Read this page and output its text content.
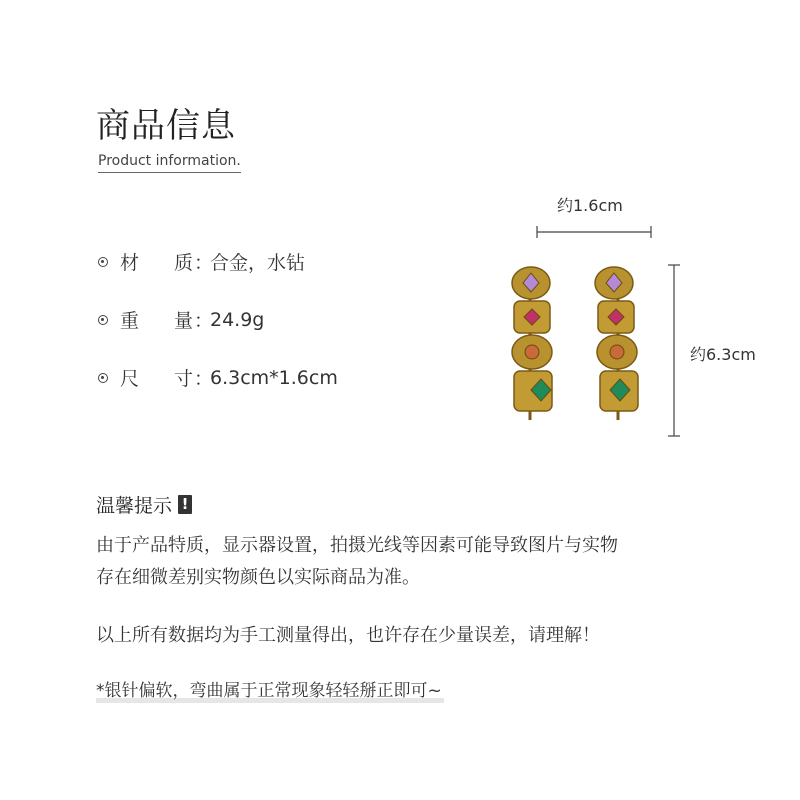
商品信息
Product information.
材	质 ：
合金，水钻
重	量 ：
24.9g
尺	寸 ：
6.3cm*1.6cm
约1.6cm
约6.3cm
温馨提示 !
由于产品特质，显示器设置，拍摄光线等因素可能导致图片与实物
存在细微差别实物颜色以实际商品为准。
以上所有数据均为手工测量得出，也许存在少量误差，请理解！
*银针偏软，弯曲属于正常现象轻轻掰正即可~
